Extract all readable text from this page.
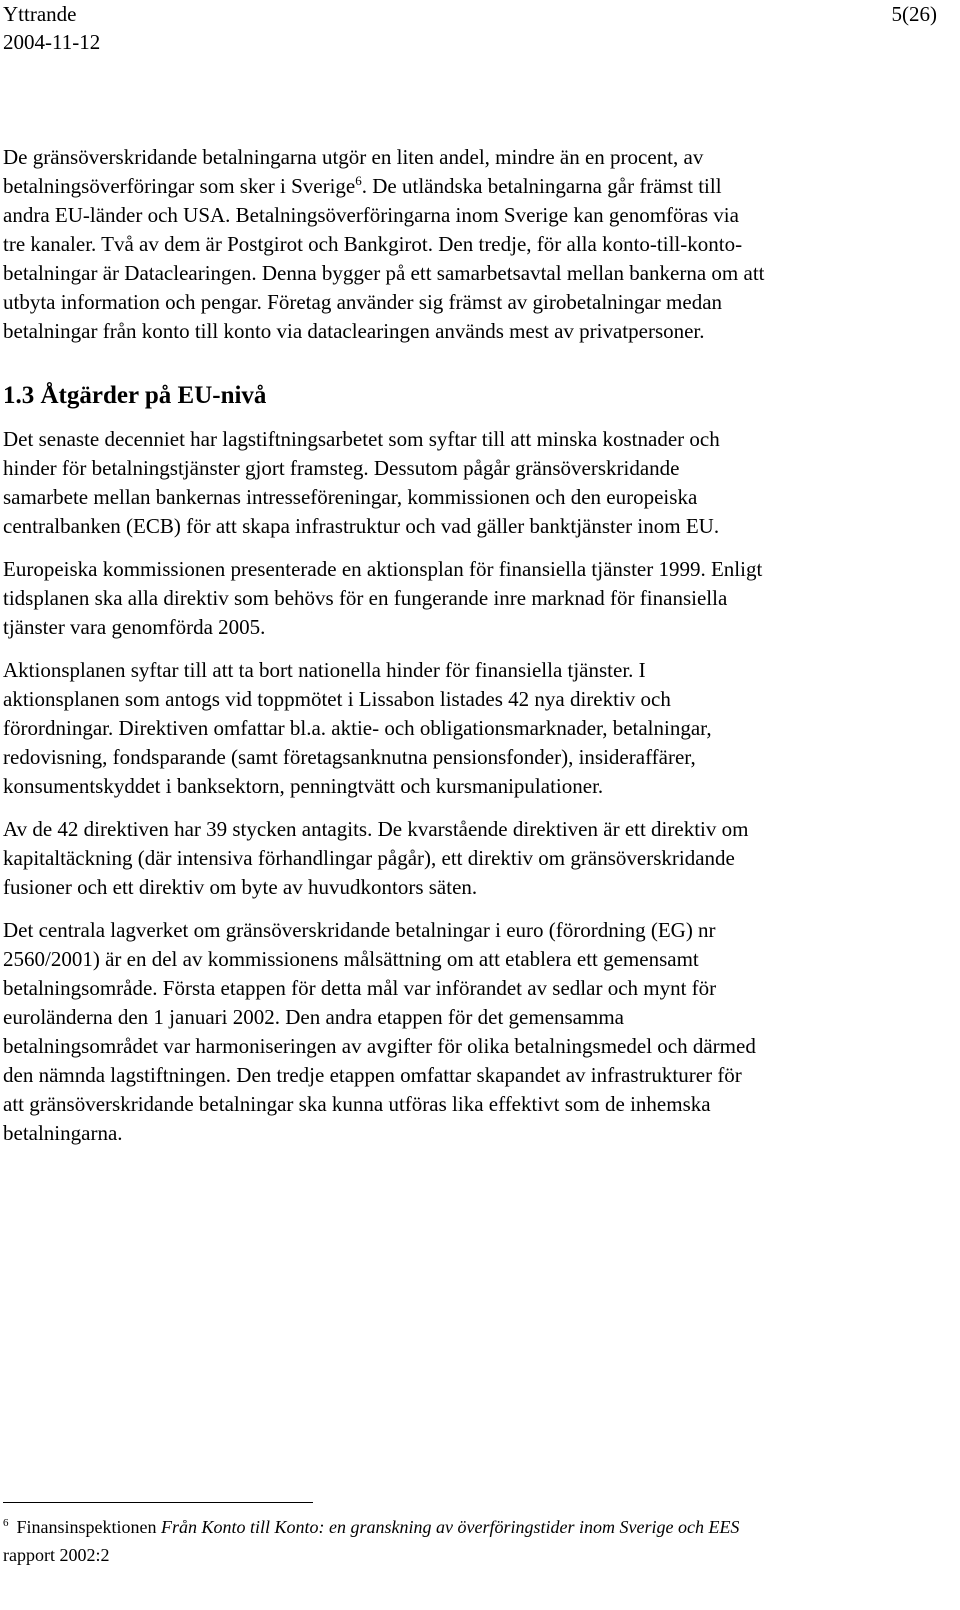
Yttrande
2004-11-12
5(26)

De gränsöverskridande betalningarna utgör en liten andel, mindre än en procent, av betalningsöverföringar som sker i Sverige$^6$. De utländska betalningarna går främst till andra EU-länder och USA. Betalningsöverföringarna inom Sverige kan genomföras via tre kanaler. Två av dem är Postgirot och Bankgirot. Den tredje, för alla konto-till-konto-betalningar är Dataclearingen. Denna bygger på ett samarbetsavtal mellan bankerna om att utbyta information och pengar. Företag använder sig främst av girobetalningar medan betalningar från konto till konto via dataclearingen används mest av privatpersoner.

1.3 Åtgärder på EU-nivå

Det senaste decenniet har lagstiftningsarbetet som syftar till att minska kostnader och hinder för betalningstjänster gjort framsteg. Dessutom pågår gränsöverskridande samarbete mellan bankernas intresseföreningar, kommissionen och den europeiska centralbanken (ECB) för att skapa infrastruktur och vad gäller banktjänster inom EU.

Europeiska kommissionen presenterade en aktionsplan för finansiella tjänster 1999. Enligt tidsplanen ska alla direktiv som behövs för en fungerande inre marknad för finansiella tjänster vara genomförda 2005.

Aktionsplanen syftar till att ta bort nationella hinder för finansiella tjänster. I aktionsplanen som antogs vid toppmötet i Lissabon listades 42 nya direktiv och förordningar. Direktiven omfattar bl.a. aktie- och obligationsmarknader, betalningar, redovisning, fondsparande (samt företagsanknutna pensionsfonder), insideraffärer, konsumentskyddet i banksektorn, penningtvätt och kursmanipulationer.

Av de 42 direktiven har 39 stycken antagits. De kvarstående direktiven är ett direktiv om kapitaltäckning (där intensiva förhandlingar pågår), ett direktiv om gränsöverskridande fusioner och ett direktiv om byte av huvudkontors säten.

Det centrala lagverket om gränsöverskridande betalningar i euro (förordning (EG) nr 2560/2001) är en del av kommissionens målsättning om att etablera ett gemensamt betalningsområde. Första etappen för detta mål var införandet av sedlar och mynt för euroländerna den 1 januari 2002. Den andra etappen för det gemensamma betalningsområdet var harmoniseringen av avgifter för olika betalningsmedel och därmed den nämnda lagstiftningen. Den tredje etappen omfattar skapandet av infrastrukturer för att gränsöverskridande betalningar ska kunna utföras lika effektivt som de inhemska betalningarna.

$^6$ Finansinspektionen Från Konto till Konto: en granskning av överföringstider inom Sverige och EES rapport 2002:2
